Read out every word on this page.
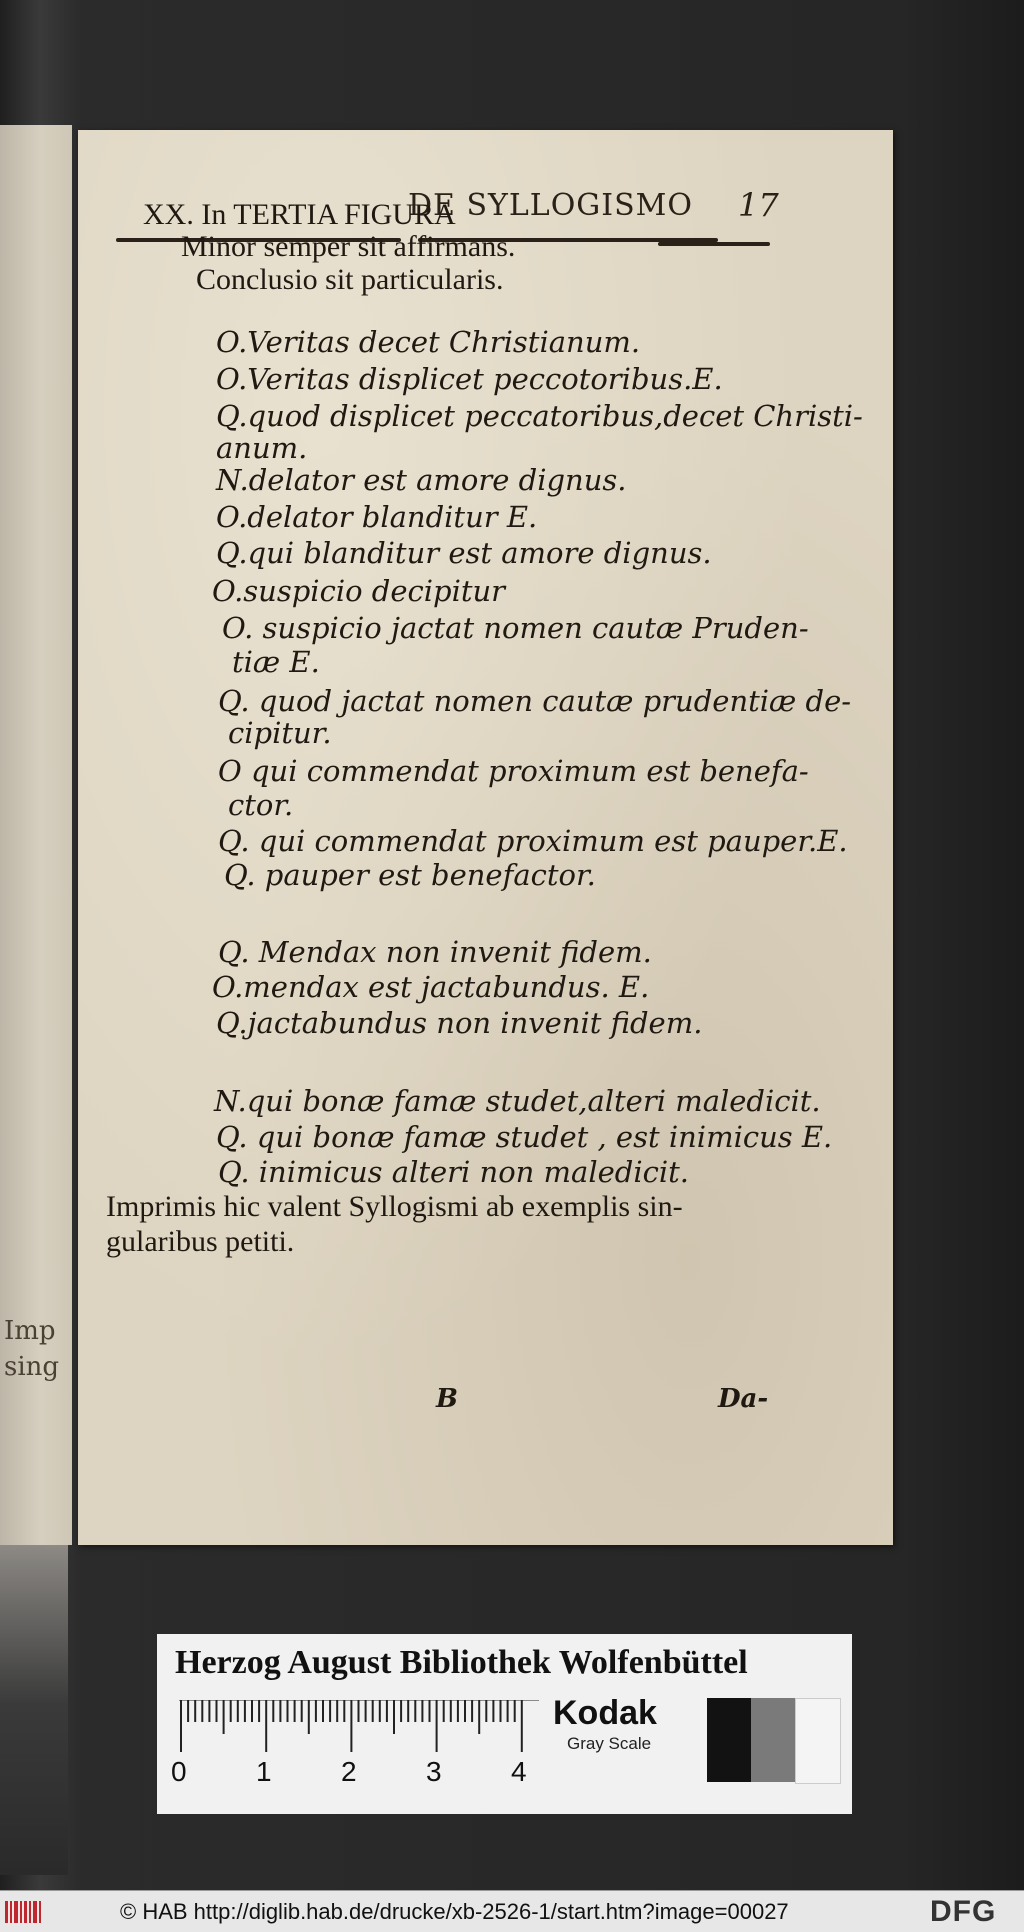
Imp
sing
DE SYLLOGISMO 17
XX. In TERTIA FIGURA
Minor semper sit affirmans.
Conclusio sit particularis.
O.Veritas decet Christianum.
O.Veritas displicet peccotoribus.E.
Q.quod displicet peccatoribus,decet Christi-
anum.
N.delator est amore dignus.
O.delator blanditur E.
Q.qui blanditur est amore dignus.
O.suspicio decipitur
O. suspicio jactat nomen cautæ Pruden-
tiæ E.
Q. quod jactat nomen cautæ prudentiæ de-
cipitur.
O qui commendat proximum est benefa-
ctor.
Q. qui commendat proximum est pauper.E.
Q. pauper est benefactor.
Q. Mendax non invenit fidem.
O.mendax est jactabundus. E.
Q.jactabundus non invenit fidem.
N.qui bonæ famæ studet,alteri maledicit.
Q. qui bonæ famæ studet , est inimicus E.
Q. inimicus alteri non maledicit.
Imprimis hic valent Syllogismi ab exemplis sin-
gularibus petiti.
B	Da-
Herzog August Bibliothek Wolfenbüttel
0 1 2 3 4
Kodak
Gray Scale
© HAB http://diglib.hab.de/drucke/xb-2526-1/start.htm?image=00027	DFG
